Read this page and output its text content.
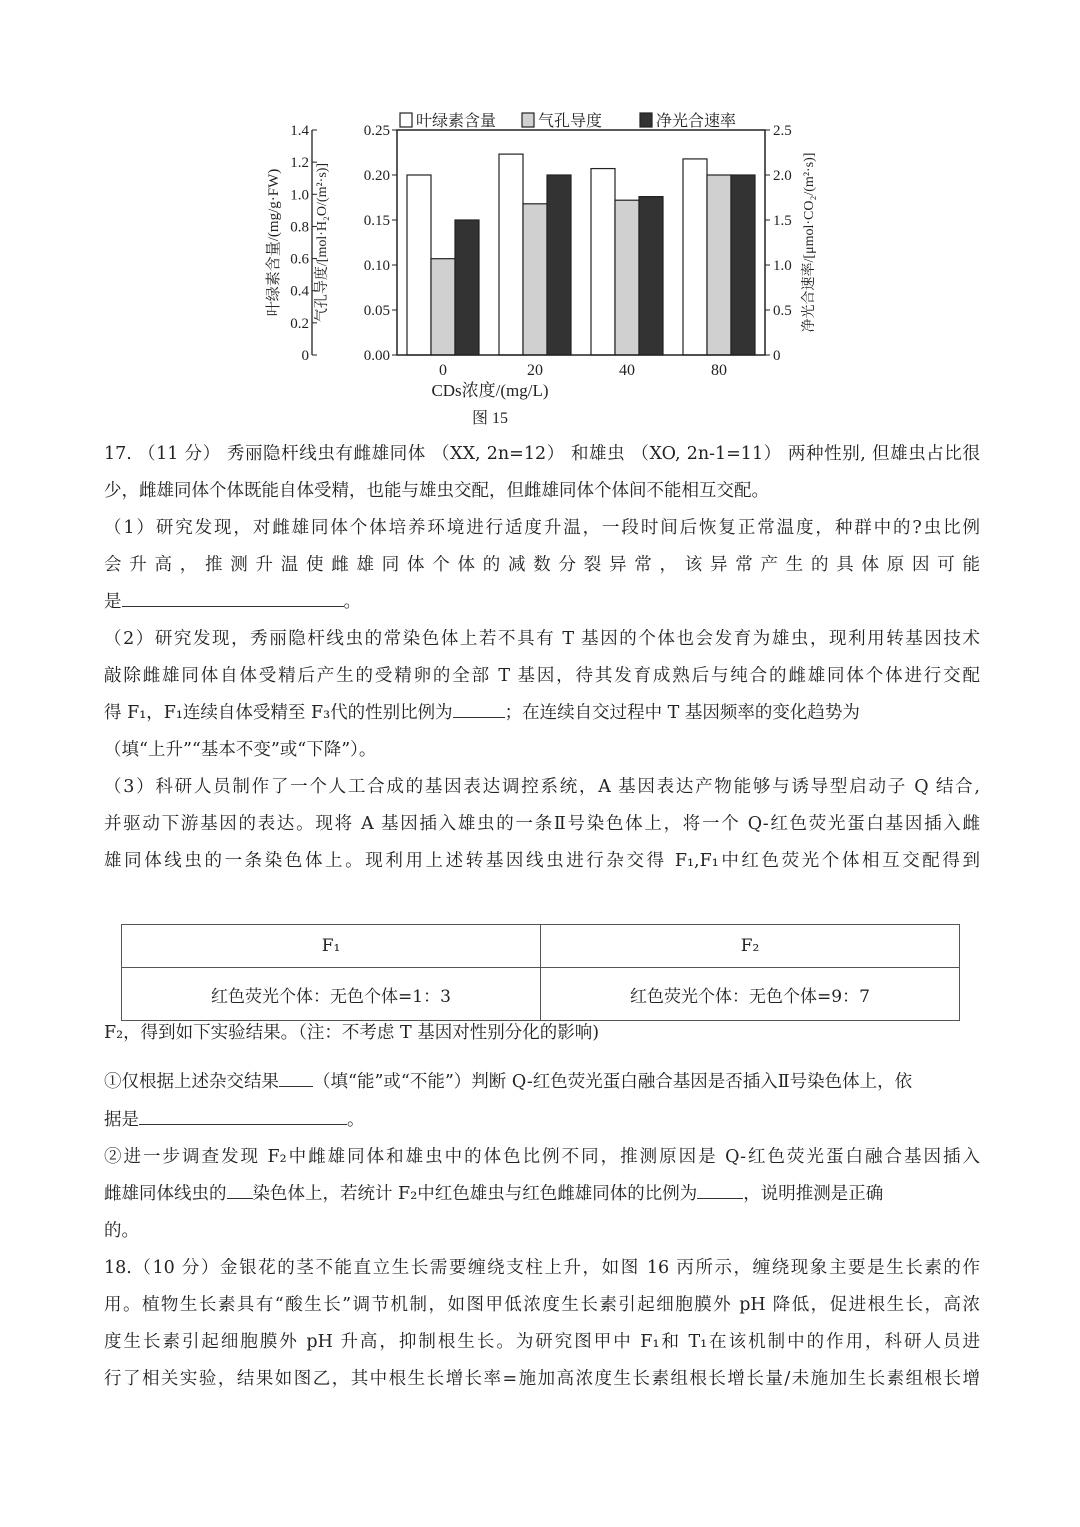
叶绿素含量	气孔导度	净光合速率
0	20	40	80
0
0.2
0.4
0.6
0.8
1.0
1.2
1.4
叶绿素含量/(mg/g·FW)
0.00
0.05
0.10
0.15
0.20
0.25
气孔导度/[mol·H₂O/(m²·s)]
0
0.5
1.0
1.5
2.0
2.5
净光合速率/[μmol·CO₂/(m²·s)]
CDs浓度/(mg/L)
图 15
17. （11 分） 秀丽隐杆线虫有雌雄同体 （XX, 2n=12） 和雄虫 （XO, 2n-1=11） 两种性别, 但雄虫占比很
少，雌雄同体个体既能自体受精，也能与雄虫交配，但雌雄同体个体间不能相互交配。
（1）研究发现，对雌雄同体个体培养环境进行适度升温，一段时间后恢复正常温度，种群中的?虫比例
会升高，推测升温使雌雄同体个体的减数分裂异常，该异常产生的具体原因可能
是	。
（2）研究发现，秀丽隐杆线虫的常染色体上若不具有 T 基因的个体也会发育为雄虫，现利用转基因技术
敲除雌雄同体自体受精后产生的受精卵的全部 T 基因，待其发育成熟后与纯合的雌雄同体个体进行交配
得 F₁，F₁连续自体受精至 F₃代的性别比例为	；在连续自交过程中 T 基因频率的变化趋势为
（填“上升”“基本不变”或“下降”）。
（3）科研人员制作了一个人工合成的基因表达调控系统，A 基因表达产物能够与诱导型启动子 Q 结合,
并驱动下游基因的表达。现将 A 基因插入雄虫的一条Ⅱ号染色体上，将一个 Q-红色荧光蛋白基因插入雌
雄同体线虫的一条染色体上。现利用上述转基因线虫进行杂交得 F₁,F₁中红色荧光个体相互交配得到
F₁	F₂
红色荧光个体：无色个体=1：3	红色荧光个体：无色个体=9：7
F₂，得到如下实验结果。（注：不考虑 T 基因对性别分化的影响)
①仅根据上述杂交结果 （填“能”或“不能”）判断 Q-红色荧光蛋白融合基因是否插入Ⅱ号染色体上，依
据是	。
②进一步调查发现 F₂中雌雄同体和雄虫中的体色比例不同，推测原因是 Q-红色荧光蛋白融合基因插入
雌雄同体线虫的 染色体上，若统计 F₂中红色雄虫与红色雌雄同体的比例为	，说明推测是正确
的。
18.（10 分）金银花的茎不能直立生长需要缠绕支柱上升，如图 16 丙所示，缠绕现象主要是生长素的作
用。植物生长素具有“酸生长”调节机制，如图甲低浓度生长素引起细胞膜外 pH 降低，促进根生长，高浓
度生长素引起细胞膜外 pH 升高，抑制根生长。为研究图甲中 F₁和 T₁在该机制中的作用，科研人员进
行了相关实验，结果如图乙，其中根生长增长率=施加高浓度生长素组根长增长量/未施加生长素组根长增
